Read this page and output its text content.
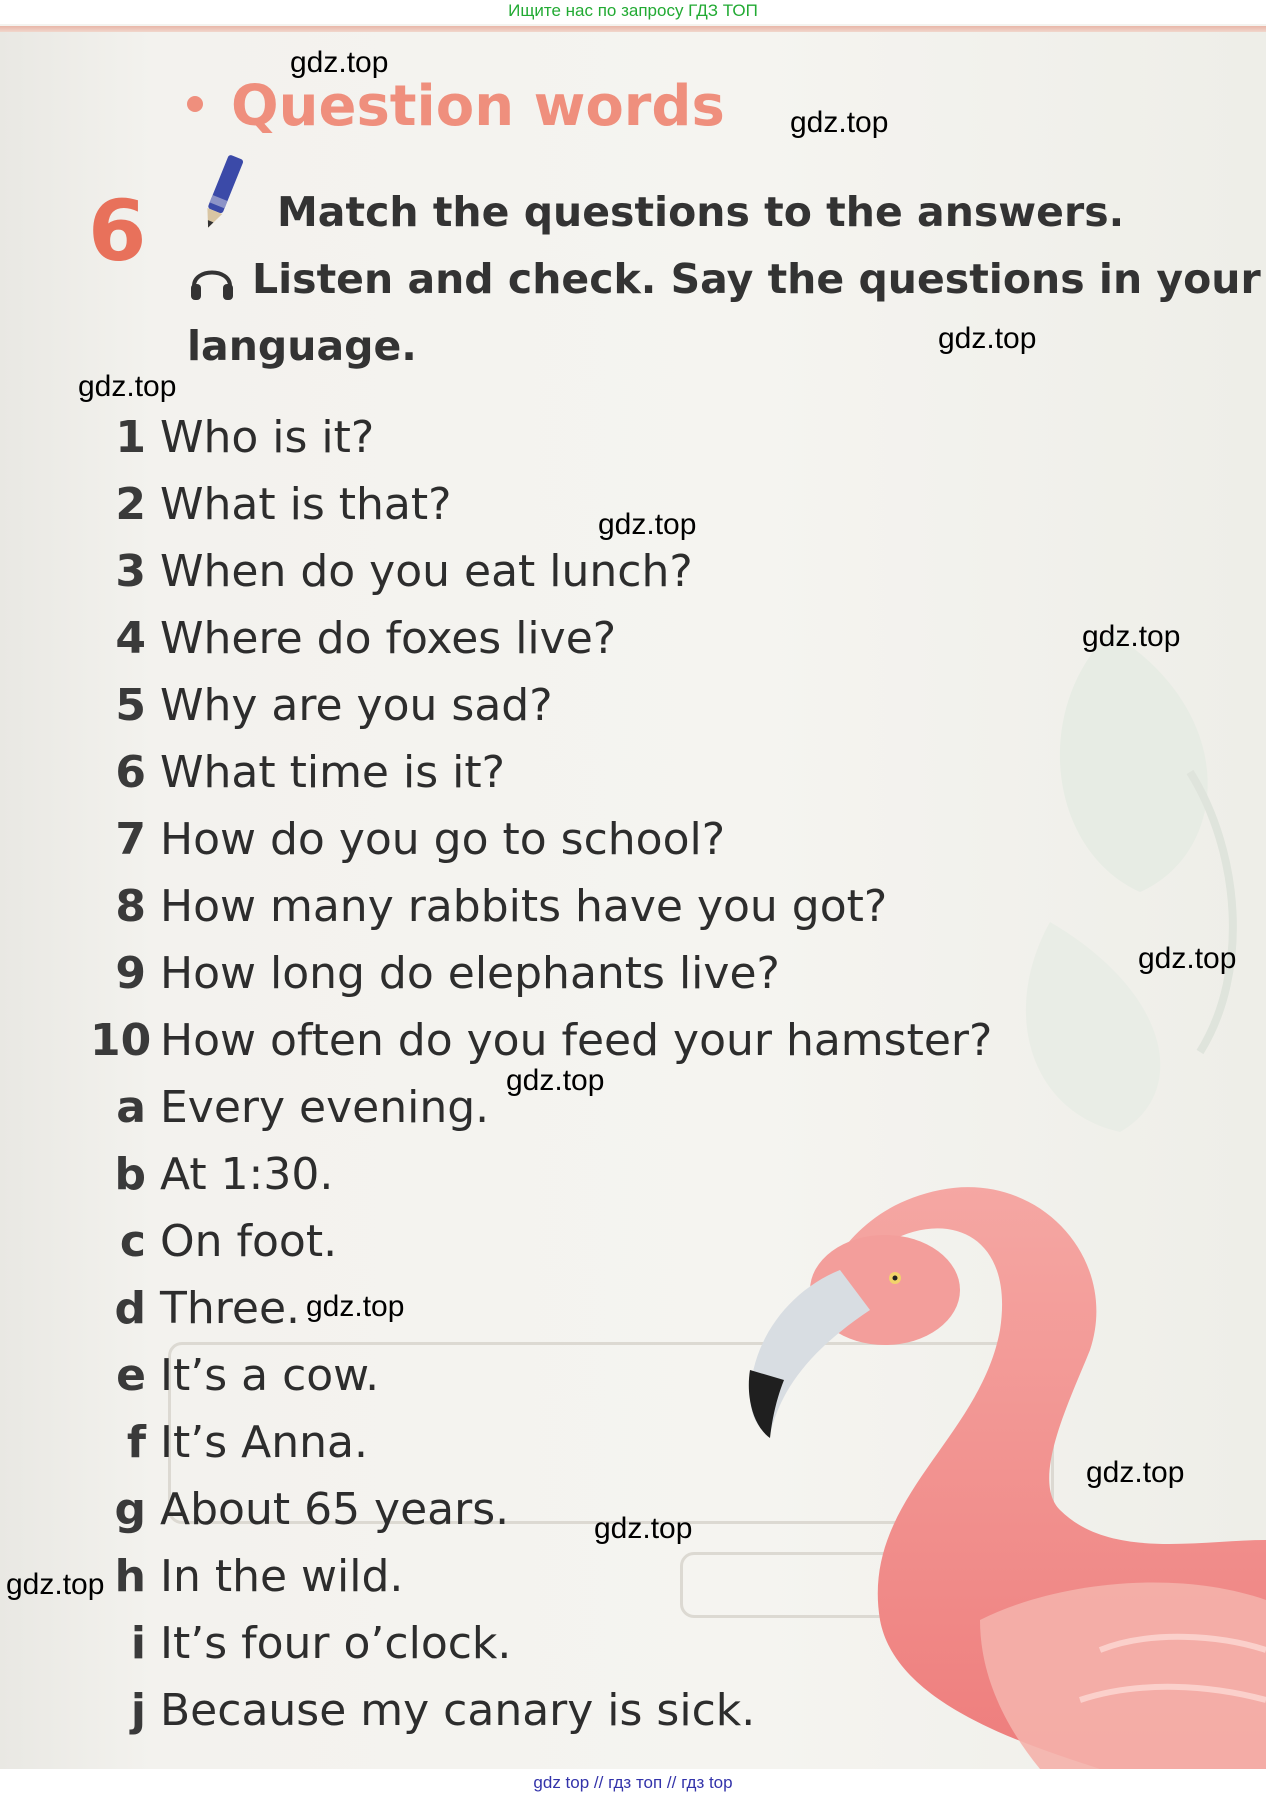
Ищите нас по запросу ГДЗ ТОП
Question words
6	Match the questions to the answers.
Listen and check. Say the questions in your
language.
1 Who is it?
2 What is that?
3 When do you eat lunch?
4 Where do foxes live?
5 Why are you sad?
6 What time is it?
7 How do you go to school?
8 How many rabbits have you got?
9 How long do elephants live?
10 How often do you feed your hamster?
a Every evening.
b At 1:30.
c On foot.
d Three.
e It’s a cow.
f It’s Anna.
g About 65 years.
h In the wild.
i It’s four o’clock.
j Because my canary is sick.
gdz.top
gdz.top
gdz.top
gdz.top
gdz.top
gdz.top
gdz.top
gdz.top
gdz.top
gdz.top
gdz.top
gdz.top
gdz top // гдз топ // гдз top
